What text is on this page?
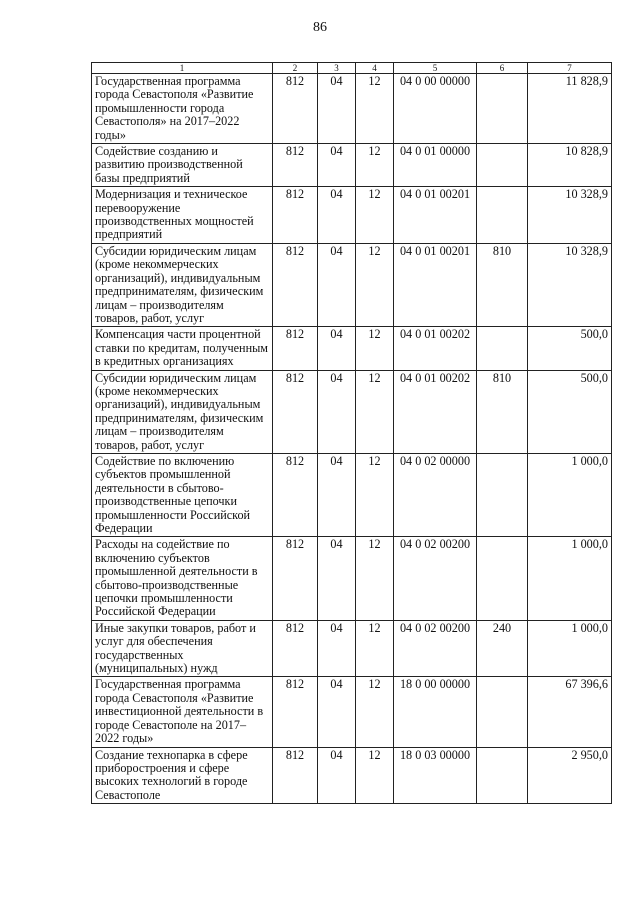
86
1	2	3	4	5	6	7
Государственная программа города Севастополя «Развитие промышленности города Севастополя» на 2017–2022 годы»	812	04	12	04 0 00 00000		11 828,9
Содействие созданию и развитию производственной базы предприятий	812	04	12	04 0 01 00000		10 828,9
Модернизация и техническое перевооружение производственных мощностей предприятий	812	04	12	04 0 01 00201		10 328,9
Субсидии юридическим лицам (кроме некоммерческих организаций), индивидуальным предпринимателям, физическим лицам – производителям товаров, работ, услуг	812	04	12	04 0 01 00201	810	10 328,9
Компенсация части процентной ставки по кредитам, полученным в кредитных организациях	812	04	12	04 0 01 00202		500,0
Субсидии юридическим лицам (кроме некоммерческих организаций), индивидуальным предпринимателям, физическим лицам – производителям товаров, работ, услуг	812	04	12	04 0 01 00202	810	500,0
Содействие по включению субъектов промышленной деятельности в сбытово-производственные цепочки промышленности Российской Федерации	812	04	12	04 0 02 00000		1 000,0
Расходы на содействие по включению субъектов промышленной деятельности в сбытово-производственные цепочки промышленности Российской Федерации	812	04	12	04 0 02 00200		1 000,0
Иные закупки товаров, работ и услуг для обеспечения государственных (муниципальных) нужд	812	04	12	04 0 02 00200	240	1 000,0
Государственная программа города Севастополя «Развитие инвестиционной деятельности в городе Севастополе на 2017–2022 годы»	812	04	12	18 0 00 00000		67 396,6
Создание технопарка в сфере приборостроения и сфере высоких технологий в городе Севастополе	812	04	12	18 0 03 00000		2 950,0
